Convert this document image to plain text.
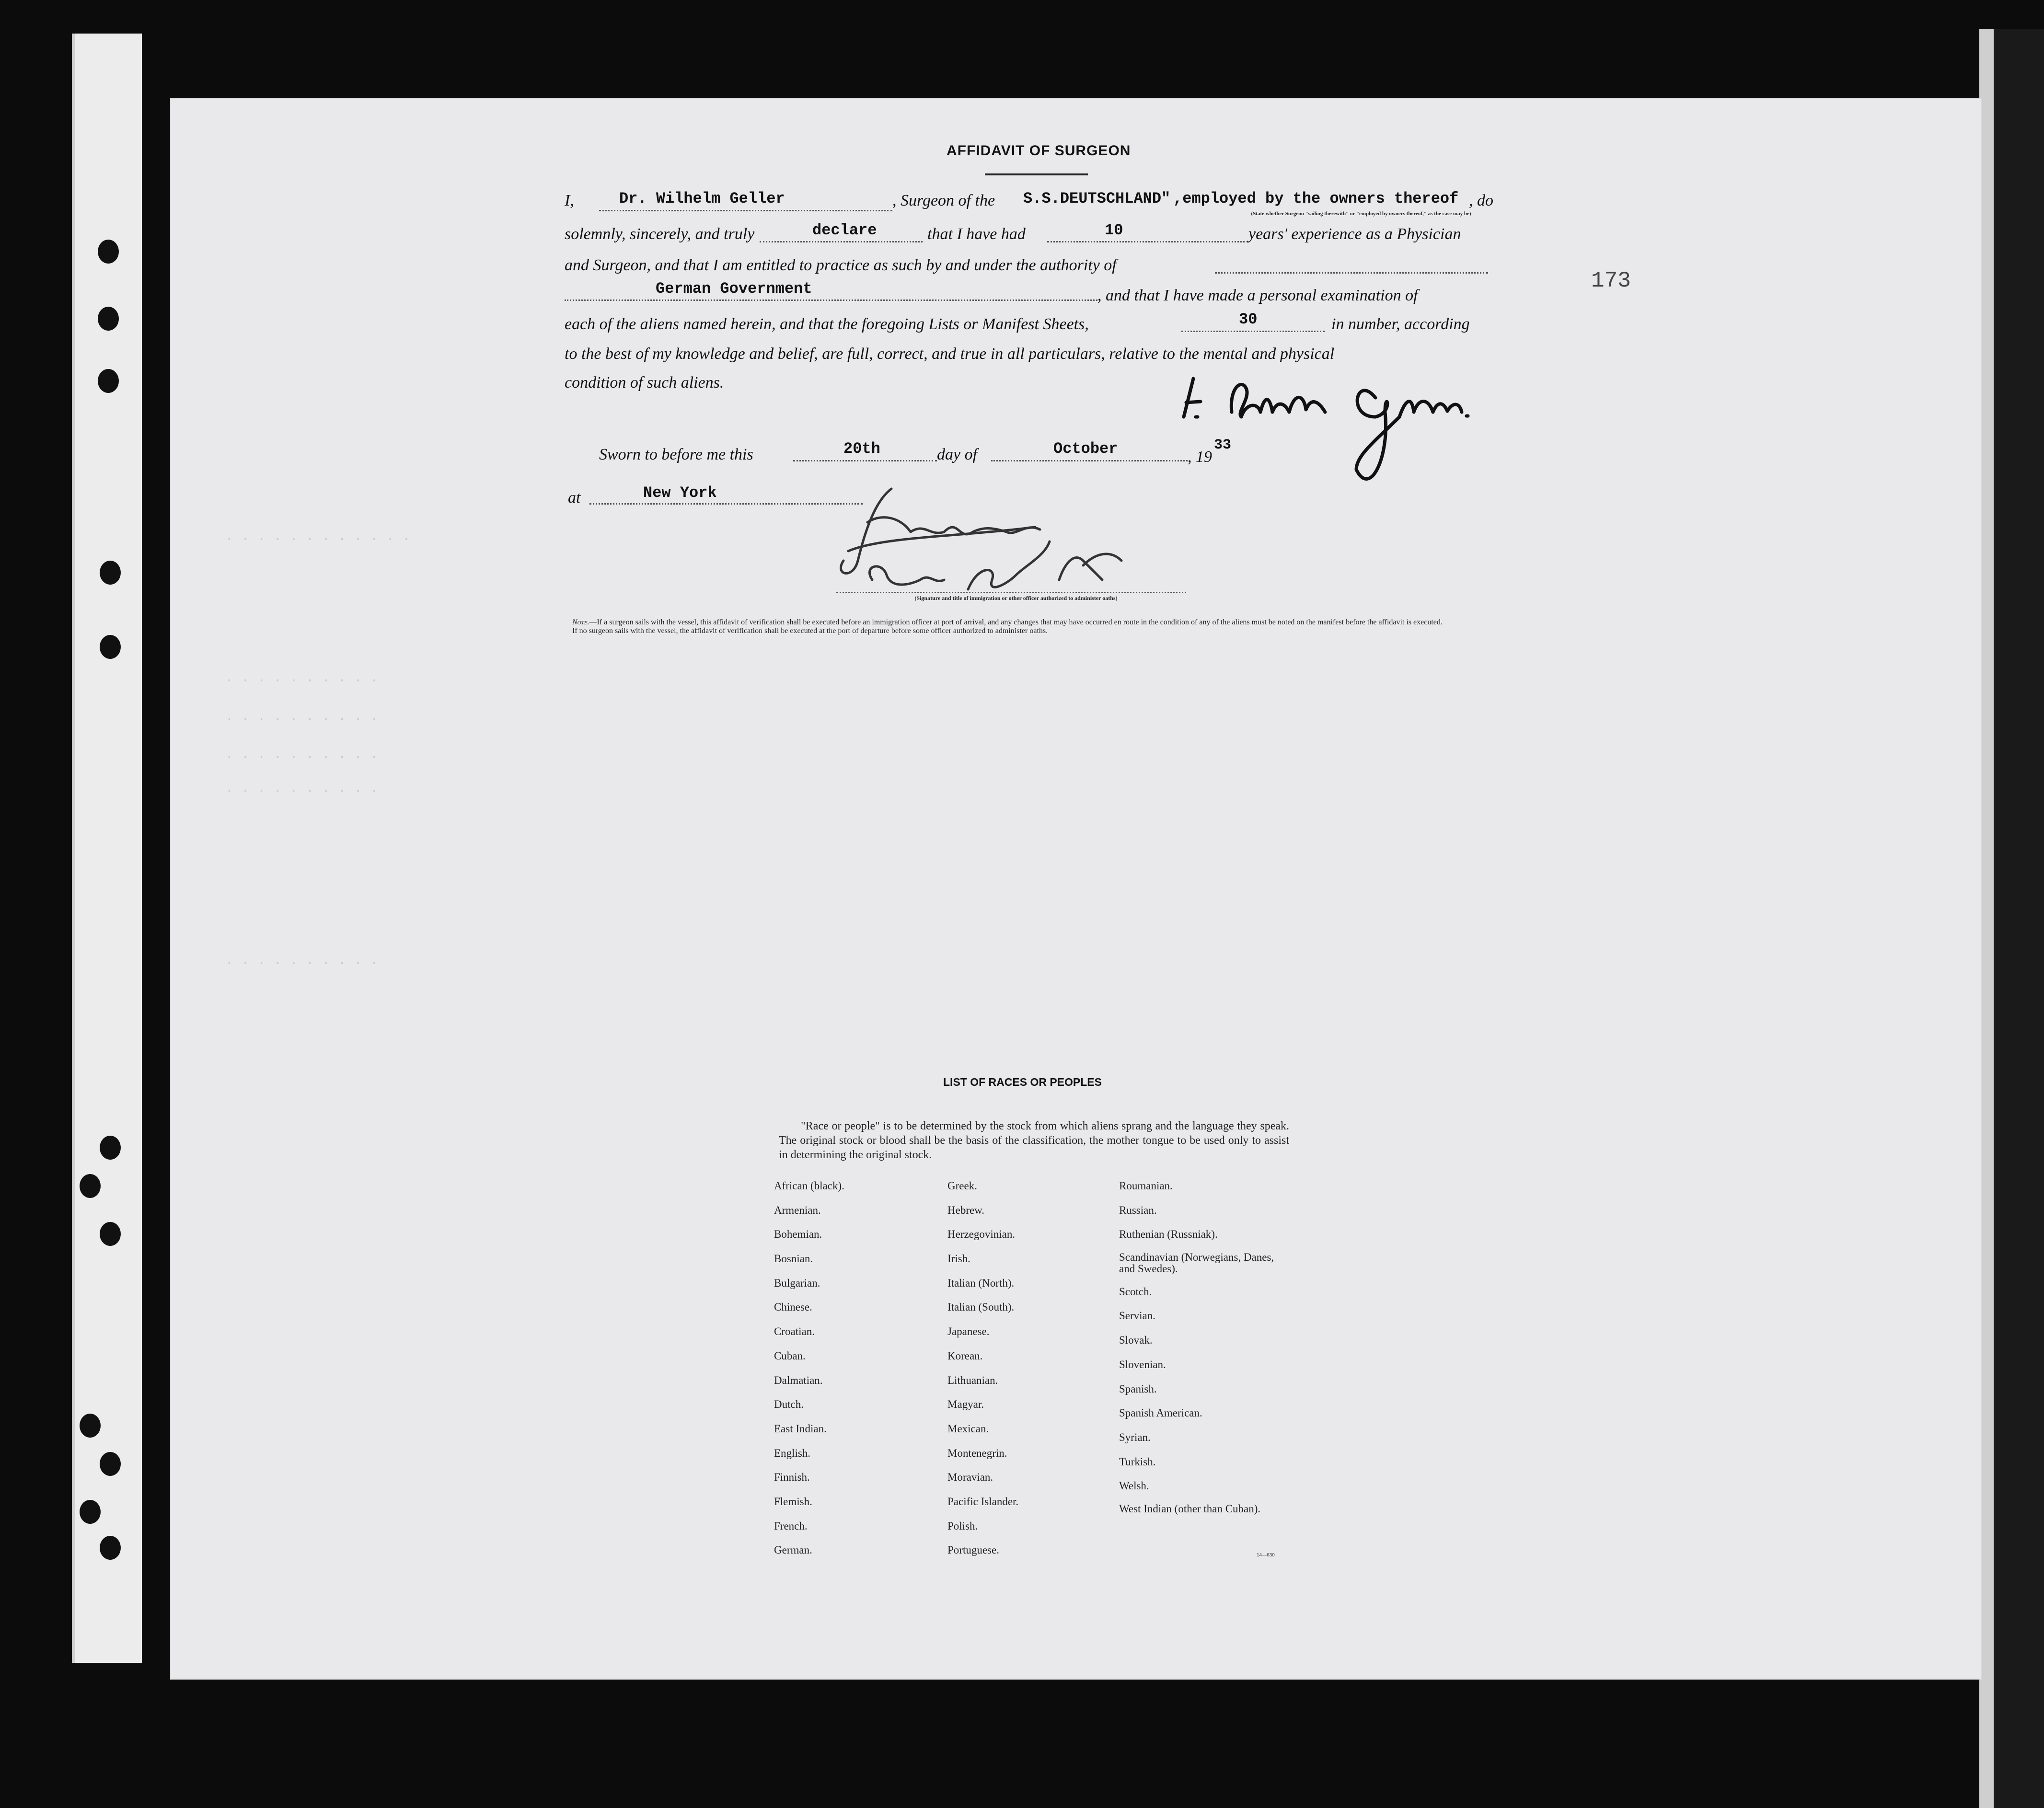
. . . . . . . . . . . .
. . . . . . . . . .
. . . . . . . . . .
. . . . . . . . . .
. . . . . . . . . .
. . . . . . . . . .
173
AFFIDAVIT OF SURGEON
I,	Dr. Wilhelm Geller	, Surgeon of the S.S.DEUTSCHLAND" ,employed by the owners thereof , do
(State whether Surgeon "sailing therewith" or "employed by owners thereof," as the case may be)
solemnly, sincerely, and truly	declare	that I have had	10	years' experience as a Physician
and Surgeon, and that I am entitled to practice as such by and under the authority of
German Government	, and that I have made a personal examination of
each of the aliens named herein, and that the foregoing Lists or Manifest Sheets,	30	in number, according
to the best of my knowledge and belief, are full, correct, and true in all particulars, relative to the mental and physical
condition of such aliens.
Sworn to before me this	20th	day of	October	, 19
33
at	New York
(Signature and title of immigration or other officer authorized to administer oaths)
Note.—If a surgeon sails with the vessel, this affidavit of verification shall be executed before an immigration officer at port of arrival, and any changes that may have occurred en route in the condition of any of the aliens must be noted on the manifest before the affidavit is executed.
If no surgeon sails with the vessel, the affidavit of verification shall be executed at the port of departure before some officer authorized to administer oaths.
LIST OF RACES OR PEOPLES
"Race or people" is to be determined by the stock from which aliens sprang and the language they speak. The original stock or blood shall be the basis of the classification, the mother tongue to be used only to assist in determining the original stock.
African (black).
Armenian.
Bohemian.
Bosnian.
Bulgarian.
Chinese.
Croatian.
Cuban.
Dalmatian.
Dutch.
East Indian.
English.
Finnish.
Flemish.
French.
German.
Greek.
Hebrew.
Herzegovinian.
Irish.
Italian (North).
Italian (South).
Japanese.
Korean.
Lithuanian.
Magyar.
Mexican.
Montenegrin.
Moravian.
Pacific Islander.
Polish.
Portuguese.
Roumanian.
Russian.
Ruthenian (Russniak).
Scandinavian (Norwegians, Danes, and Swedes).
Scotch.
Servian.
Slovak.
Slovenian.
Spanish.
Spanish American.
Syrian.
Turkish.
Welsh.
West Indian (other than Cuban).
14—630
